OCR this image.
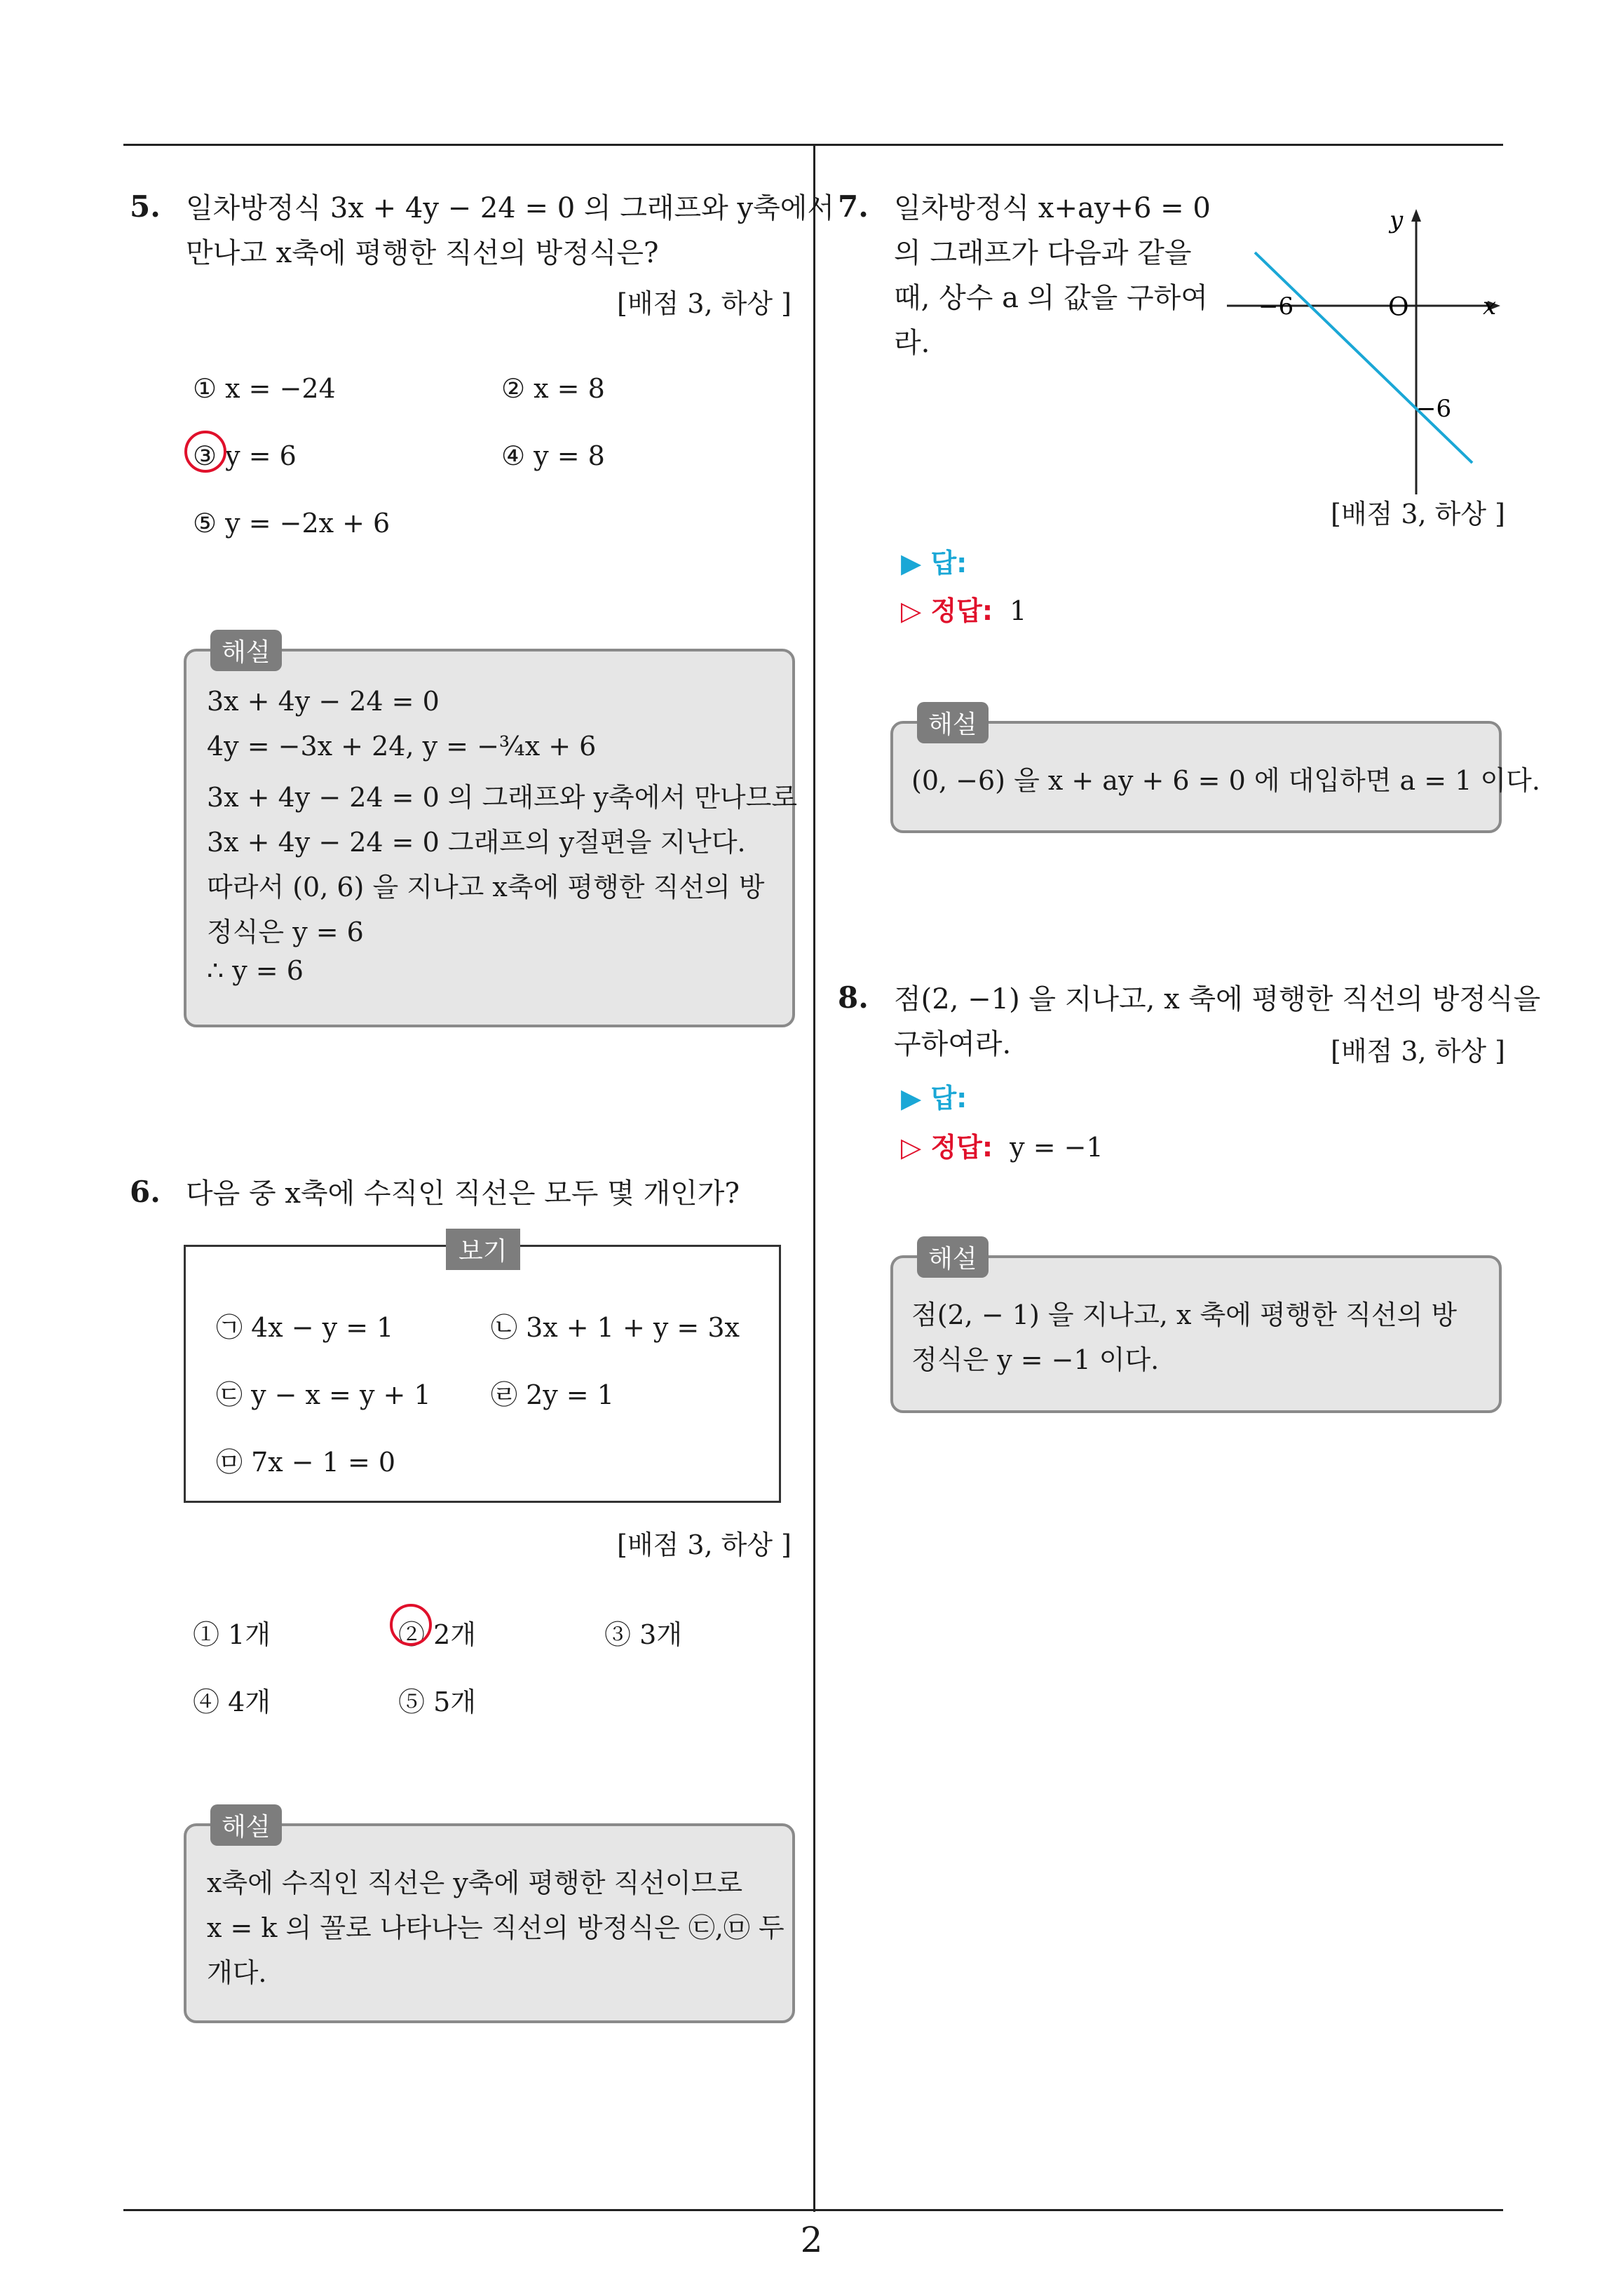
2
5. 일차방정식 3x + 4y − 24 = 0 의 그래프와 y축에서
만나고 x축에 평행한 직선의 방정식은?
[배점 3, 하상 ]
① x = −24	② x = 8
③ y = 6	④ y = 8
⑤ y = −2x + 6
해설
3x + 4y − 24 = 0
4y = −3x + 24, y = −¾x + 6
3x + 4y − 24 = 0 의 그래프와 y축에서 만나므로
3x + 4y − 24 = 0 그래프의 y절편을 지난다.
따라서 (0, 6) 을 지나고 x축에 평행한 직선의 방
정식은 y = 6
∴ y = 6
6. 다음 중 x축에 수직인 직선은 모두 몇 개인가?
보기
㉠ 4x − y = 1	㉡ 3x + 1 + y = 3x
㉢ y − x = y + 1 ㉣ 2y = 1
㉤ 7x − 1 = 0
[배점 3, 하상 ]
① 1개	② 2개	③ 3개
④ 4개	⑤ 5개
해설
x축에 수직인 직선은 y축에 평행한 직선이므로
x = k 의 꼴로 나타나는 직선의 방정식은 ㉢,㉤ 두
개다.
7. 일차방정식 x+ay+6 = 0
의 그래프가 다음과 같을
때, 상수 a 의 값을 구하여
라.
y
x
O
−6
−6
[배점 3, 하상 ]
▶ 답:
▷ 정답: 1
해설
(0, −6) 을 x + ay + 6 = 0 에 대입하면 a = 1 이다.
8. 점(2, −1) 을 지나고, x 축에 평행한 직선의 방정식을
구하여라.	[배점 3, 하상 ]
▶ 답:
▷ 정답: y = −1
해설
점(2, − 1) 을 지나고, x 축에 평행한 직선의 방
정식은 y = −1 이다.
